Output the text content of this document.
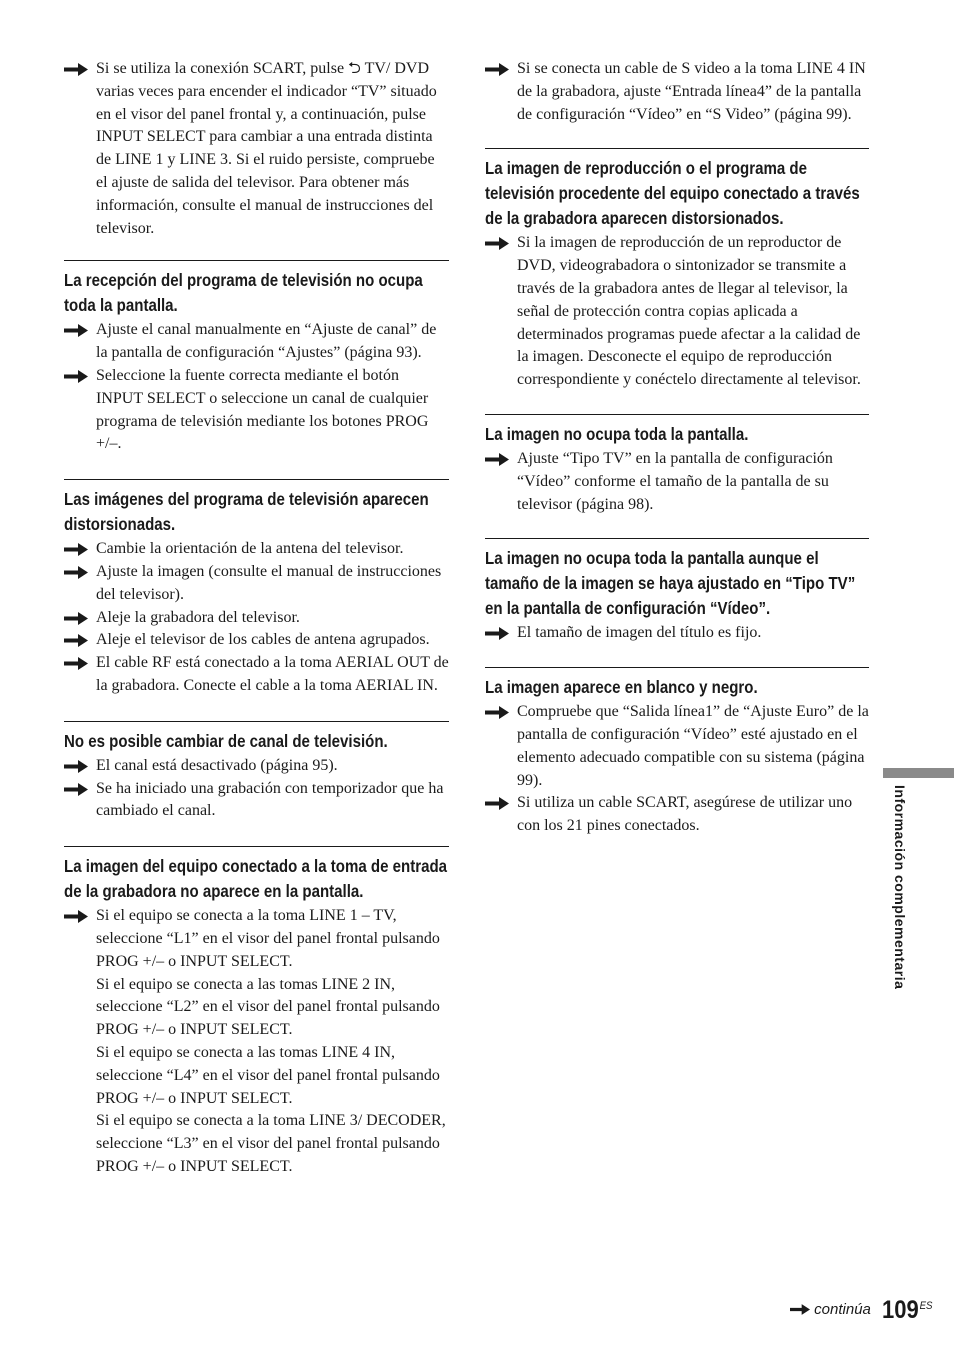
Si se utiliza la conexión SCART, pulse ⮌ TV/ DVD varias veces para encender el indicador “TV” situado en el visor del panel frontal y, a continuación, pulse INPUT SELECT para cambiar a una entrada distinta de LINE 1 y LINE 3. Si el ruido persiste, compruebe el ajuste de salida del televisor. Para obtener más información, consulte el manual de instrucciones del televisor.

La recepción del programa de televisión no ocupa toda la pantalla.

Ajuste el canal manualmente en “Ajuste de canal” de la pantalla de configuración “Ajustes” (página 93).

Seleccione la fuente correcta mediante el botón INPUT SELECT o seleccione un canal de cualquier programa de televisión mediante los botones PROG +/–.

Las imágenes del programa de televisión aparecen distorsionadas.

Cambie la orientación de la antena del televisor.

Ajuste la imagen (consulte el manual de instrucciones del televisor).

Aleje la grabadora del televisor.

Aleje el televisor de los cables de antena agrupados.

El cable RF está conectado a la toma AERIAL OUT de la grabadora. Conecte el cable a la toma AERIAL IN.

No es posible cambiar de canal de televisión.

El canal está desactivado (página 95).

Se ha iniciado una grabación con temporizador que ha cambiado el canal.

La imagen del equipo conectado a la toma de entrada de la grabadora no aparece en la pantalla.

Si el equipo se conecta a la toma LINE 1 – TV, seleccione “L1” en el visor del panel frontal pulsando PROG +/– o INPUT SELECT.

Si el equipo se conecta a las tomas LINE 2 IN, seleccione “L2” en el visor del panel frontal pulsando PROG +/– o INPUT SELECT.

Si el equipo se conecta a las tomas LINE 4 IN, seleccione “L4” en el visor del panel frontal pulsando PROG +/– o INPUT SELECT.

Si el equipo se conecta a la toma LINE 3/ DECODER, seleccione “L3” en el visor del panel frontal pulsando PROG +/– o INPUT SELECT.

Si se conecta un cable de S video a la toma LINE 4 IN de la grabadora, ajuste “Entrada línea4” de la pantalla de configuración “Vídeo” en “S Video” (página 99).

La imagen de reproducción o el programa de televisión procedente del equipo conectado a través de la grabadora aparecen distorsionados.

Si la imagen de reproducción de un reproductor de DVD, videograbadora o sintonizador se transmite a través de la grabadora antes de llegar al televisor, la señal de protección contra copias aplicada a determinados programas puede afectar a la calidad de la imagen. Desconecte el equipo de reproducción correspondiente y conéctelo directamente al televisor.

La imagen no ocupa toda la pantalla.

Ajuste “Tipo TV” en la pantalla de configuración “Vídeo” conforme el tamaño de la pantalla de su televisor (página 98).

La imagen no ocupa toda la pantalla aunque el tamaño de la imagen se haya ajustado en “Tipo TV” en la pantalla de configuración “Vídeo”.

El tamaño de imagen del título es fijo.

La imagen aparece en blanco y negro.

Compruebe que “Salida línea1” de “Ajuste Euro” de la pantalla de configuración “Vídeo” esté ajustado en el elemento adecuado compatible con su sistema (página 99).

Si utiliza un cable SCART, asegúrese de utilizar uno con los 21 pines conectados.	Información complementaria
continúa $109^{ES}$
